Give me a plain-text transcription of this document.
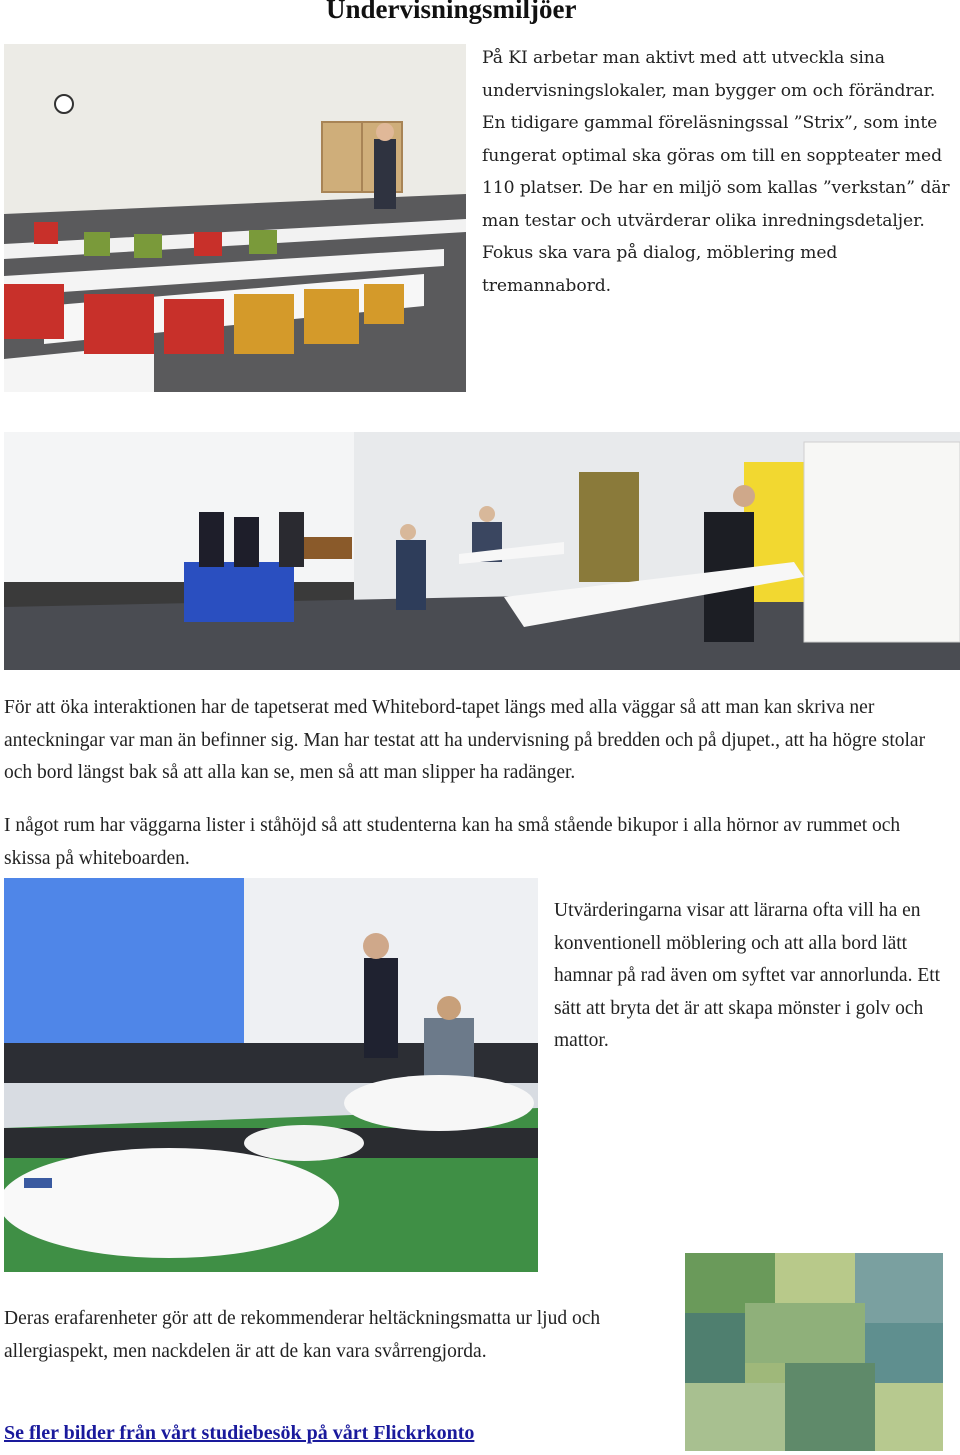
Undervisningsmiljöer

På KI arbetar man aktivt med att utveckla sina undervisningslokaler, man bygger om och förändrar. En tidigare gammal föreläsningssal ”Strix”, som inte fungerat optimal ska göras om till en soppteater med 110 platser. De har en miljö som kallas ”verkstan” där man testar och utvärderar olika inredningsdetaljer. Fokus ska vara på dialog, möblering med tremannabord.

För att öka interaktionen har de tapetserat med Whitebord-tapet längs med alla väggar så att man kan skriva ner anteckningar var man än befinner sig. Man har testat att ha undervisning på bredden och på djupet., att ha högre stolar och bord längst bak så att alla kan se, men så att man slipper ha radänger.

I något rum har väggarna lister i ståhöjd så att studenterna kan ha små stående bikupor i alla hörnor av rummet och skissa på whiteboarden.

Utvärderingarna visar att lärarna ofta vill ha en konventionell möblering och att alla bord lätt hamnar på rad även om syftet var annorlunda. Ett sätt att bryta det är att skapa mönster i golv och mattor.

Deras erafarenheter gör att de rekommenderar heltäckningsmatta ur ljud och allergiaspekt, men nackdelen är att de kan vara svårrengjorda.

Se fler bilder från vårt studiebesök på vårt Flickrkonto
